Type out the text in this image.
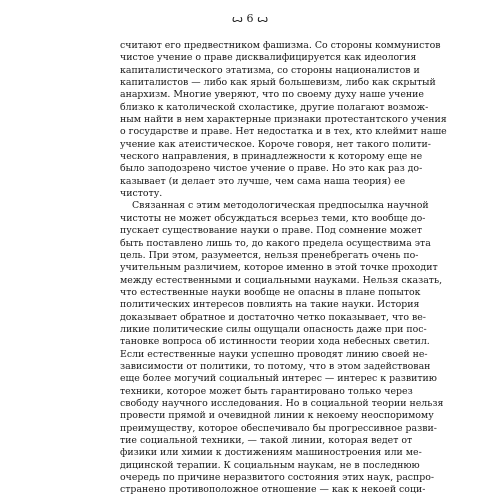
ꙍ 6 ꙍ
считают его предвестником фашизма. Со стороны коммунистов
чистое учение о праве дисквалифицируется как идеология
капиталистического этатизма, со стороны националистов и
капиталистов — либо как ярый большевизм, либо как скрытый
анархизм. Многие уверяют, что по своему духу наше учение
близко к католической схоластике, другие полагают возмож-
ным найти в нем характерные признаки протестантского учения
о государстве и праве. Нет недостатка и в тех, кто клеймит наше
учение как атеистическое. Короче говоря, нет такого полити-
ческого направления, в принадлежности к которому еще не
было заподозрено чистое учение о праве. Но это как раз до-
казывает (и делает это лучше, чем сама наша теория) ее
чистоту.
Связанная с этим методологическая предпосылка научной
чистоты не может обсуждаться всерьез теми, кто вообще до-
пускает существование науки о праве. Под сомнение может
быть поставлено лишь то, до какого предела осуществима эта
цель. При этом, разумеется, нельзя пренебрегать очень по-
учительным различием, которое именно в этой точке проходит
между естественными и социальными науками. Нельзя сказать,
что естественные науки вообще не опасны в плане попыток
политических интересов повлиять на такие науки. История
доказывает обратное и достаточно четко показывает, что ве-
ликие политические силы ощущали опасность даже при пос-
тановке вопроса об истинности теории хода небесных светил.
Если естественные науки успешно проводят линию своей не-
зависимости от политики, то потому, что в этом задействован
еще более могучий социальный интерес — интерес к развитию
техники, которое может быть гарантировано только через
свободу научного исследования. Но в социальной теории нельзя
провести прямой и очевидной линии к некоему неоспоримому
преимуществу, которое обеспечивало бы прогрессивное разви-
тие социальной техники, — такой линии, которая ведет от
физики или химии к достижениям машиностроения или ме-
дицинской терапии. К социальным наукам, не в последнюю
очередь по причине неразвитого состояния этих наук, распро-
странено противоположное отношение — как к некоей соци-
